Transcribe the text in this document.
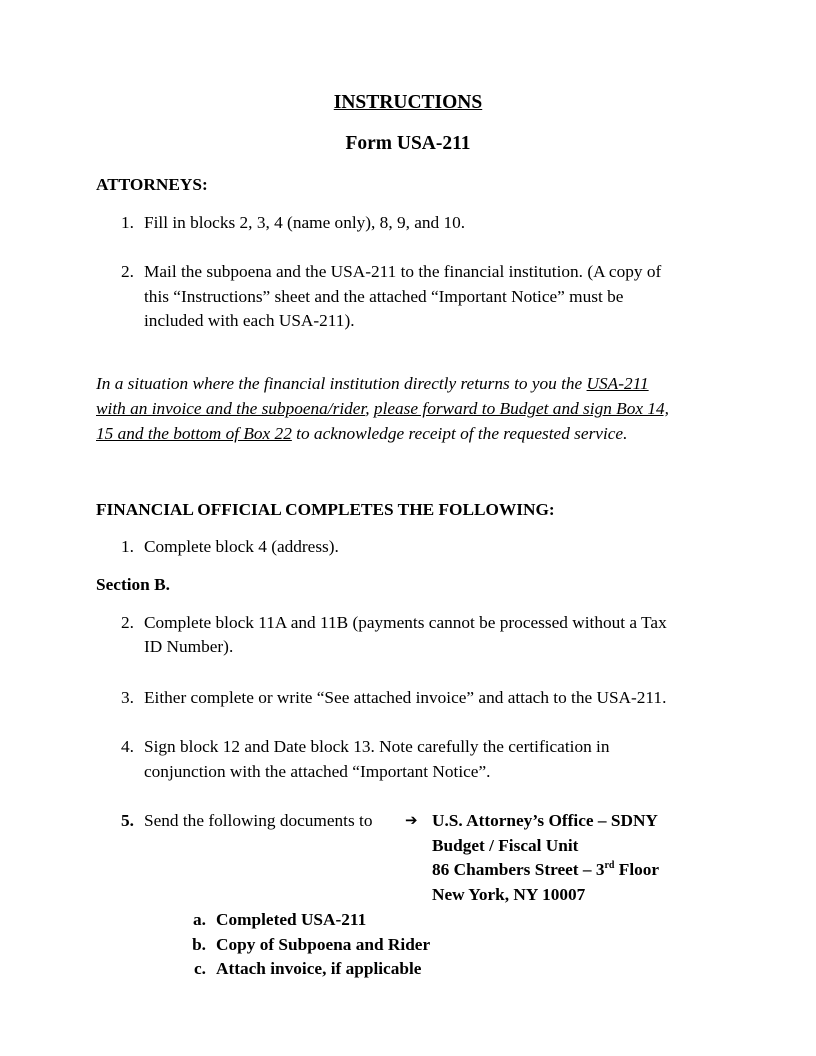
INSTRUCTIONS
Form USA-211
ATTORNEYS:
1. Fill in blocks 2, 3, 4 (name only), 8, 9, and 10.
2. Mail the subpoena and the USA-211 to the financial institution. (A copy of
this “Instructions” sheet and the attached “Important Notice” must be
included with each USA-211).
In a situation where the financial institution directly returns to you the USA-211
with an invoice and the subpoena/rider, please forward to Budget and sign Box 14,
15 and the bottom of Box 22 to acknowledge receipt of the requested service.
FINANCIAL OFFICIAL COMPLETES THE FOLLOWING:
1. Complete block 4 (address).
Section B.
2. Complete block 11A and 11B (payments cannot be processed without a Tax
ID Number).
3. Either complete or write “See attached invoice” and attach to the USA-211.
4. Sign block 12 and Date block 13. Note carefully the certification in
conjunction with the attached “Important Notice”.
5. Send the following documents to ➔ U.S. Attorney’s Office – SDNY
Budget / Fiscal Unit
86 Chambers Street – 3rd Floor
New York, NY 10007
a. Completed USA-211
b. Copy of Subpoena and Rider
c. Attach invoice, if applicable
